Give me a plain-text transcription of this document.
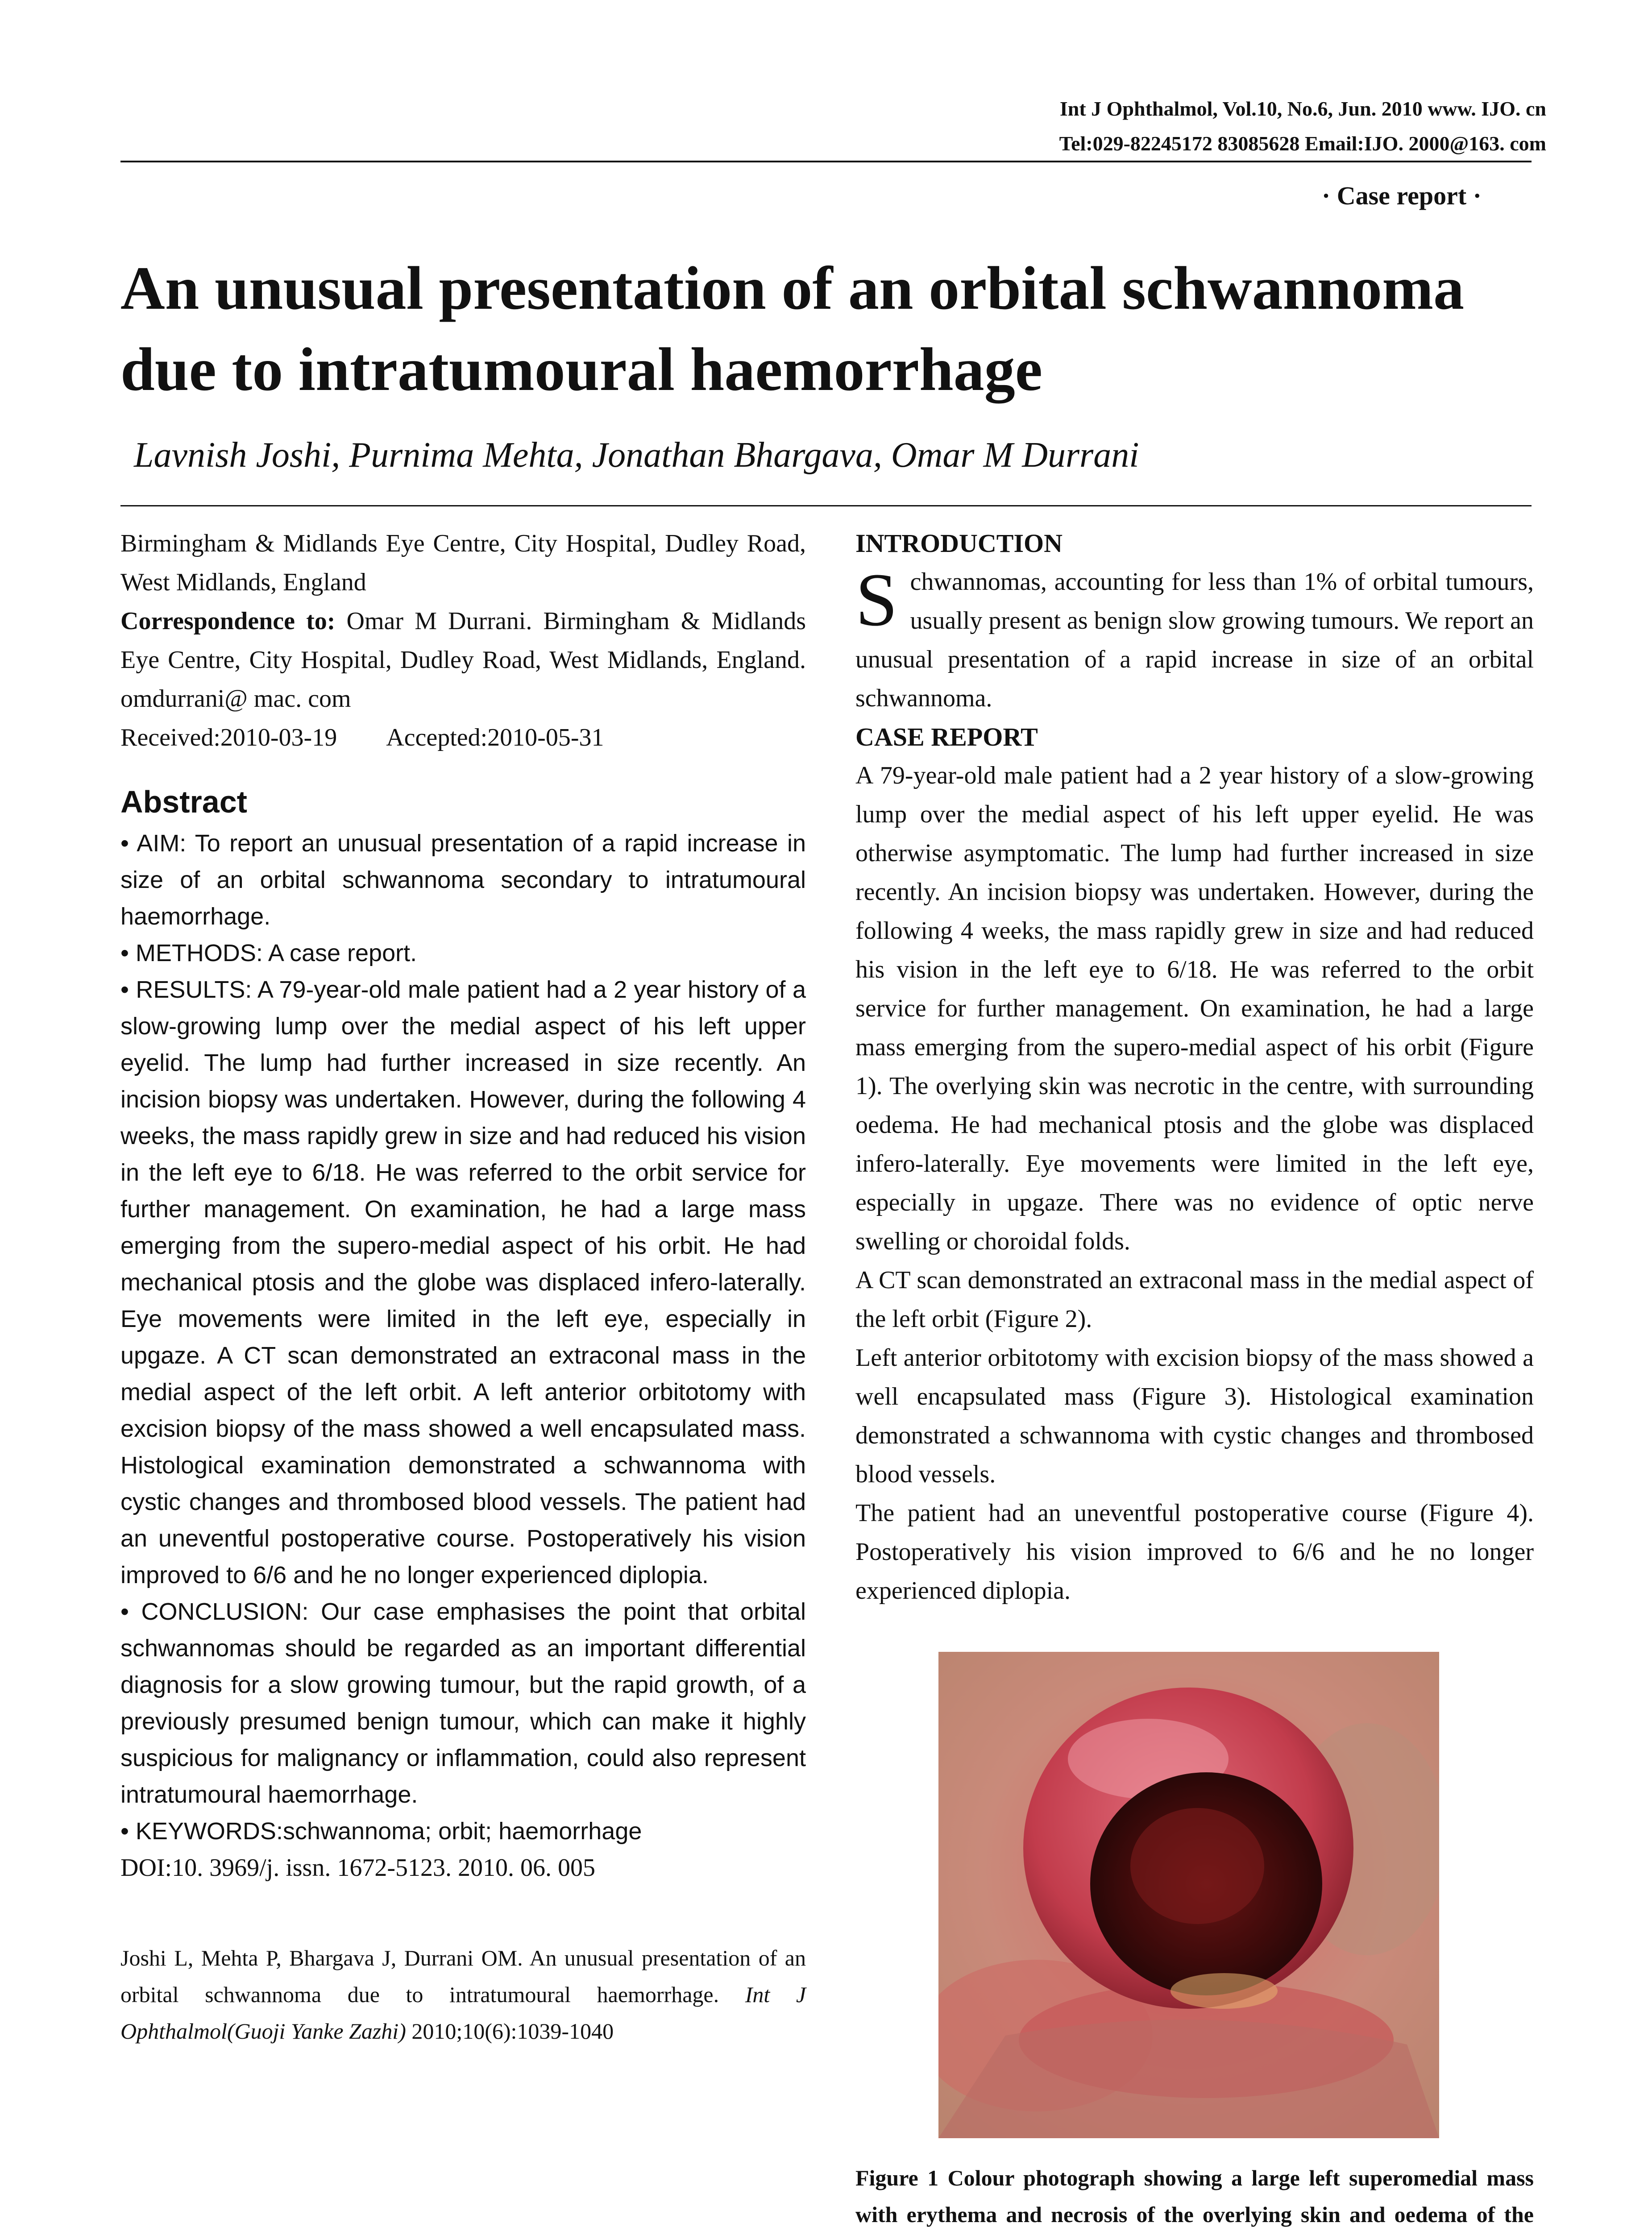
Int J Ophthalmol, Vol.10, No.6, Jun. 2010 www. IJO. cn
Tel:029-82245172 83085628 Email:IJO. 2000@163. com
· Case report ·
An unusual presentation of an orbital schwannoma due to intratumoural haemorrhage
Lavnish Joshi, Purnima Mehta, Jonathan Bhargava, Omar M Durrani

Birmingham & Midlands Eye Centre, City Hospital, Dudley Road, West Midlands, England

Correspondence to: Omar M Durrani. Birmingham & Midlands Eye Centre, City Hospital, Dudley Road, West Midlands, England. omdurrani@ mac. com

Received:2010-03-19 Accepted:2010-05-31

Abstract

• AIM: To report an unusual presentation of a rapid increase in size of an orbital schwannoma secondary to intratumoural haemorrhage.

• METHODS: A case report.

• RESULTS: A 79-year-old male patient had a 2 year history of a slow-growing lump over the medial aspect of his left upper eyelid. The lump had further increased in size recently. An incision biopsy was undertaken. However, during the following 4 weeks, the mass rapidly grew in size and had reduced his vision in the left eye to 6/18. He was referred to the orbit service for further management. On examination, he had a large mass emerging from the supero-medial aspect of his orbit. He had mechanical ptosis and the globe was displaced infero-laterally. Eye movements were limited in the left eye, especially in upgaze. A CT scan demonstrated an extraconal mass in the medial aspect of the left orbit. A left anterior orbitotomy with excision biopsy of the mass showed a well encapsulated mass. Histological examination demonstrated a schwannoma with cystic changes and thrombosed blood vessels. The patient had an uneventful postoperative course. Postoperatively his vision improved to 6/6 and he no longer experienced diplopia.

• CONCLUSION: Our case emphasises the point that orbital schwannomas should be regarded as an important differential diagnosis for a slow growing tumour, but the rapid growth, of a previously presumed benign tumour, which can make it highly suspicious for malignancy or inflammation, could also represent intratumoural haemorrhage.

• KEYWORDS:schwannoma; orbit; haemorrhage

DOI:10. 3969/j. issn. 1672-5123. 2010. 06. 005

Joshi L, Mehta P, Bhargava J, Durrani OM. An unusual presentation of an orbital schwannoma due to intratumoural haemorrhage. Int J Ophthalmol(Guoji Yanke Zazhi) 2010;10(6):1039-1040

INTRODUCTION

Schwannomas, accounting for less than 1% of orbital tumours, usually present as benign slow growing tumours. We report an unusual presentation of a rapid increase in size of an orbital schwannoma.

CASE REPORT

A 79-year-old male patient had a 2 year history of a slow-growing lump over the medial aspect of his left upper eyelid. He was otherwise asymptomatic. The lump had further increased in size recently. An incision biopsy was undertaken. However, during the following 4 weeks, the mass rapidly grew in size and had reduced his vision in the left eye to 6/18. He was referred to the orbit service for further management. On examination, he had a large mass emerging from the supero-medial aspect of his orbit (Figure 1). The overlying skin was necrotic in the centre, with surrounding oedema. He had mechanical ptosis and the globe was displaced infero-laterally. Eye movements were limited in the left eye, especially in upgaze. There was no evidence of optic nerve swelling or choroidal folds.

A CT scan demonstrated an extraconal mass in the medial aspect of the left orbit (Figure 2).

Left anterior orbitotomy with excision biopsy of the mass showed a well encapsulated mass (Figure 3). Histological examination demonstrated a schwannoma with cystic changes and thrombosed blood vessels.

The patient had an uneventful postoperative course (Figure 4). Postoperatively his vision improved to 6/6 and he no longer experienced diplopia.

Figure 1 Colour photograph showing a large left superomedial mass with erythema and necrosis of the overlying skin and oedema of the
